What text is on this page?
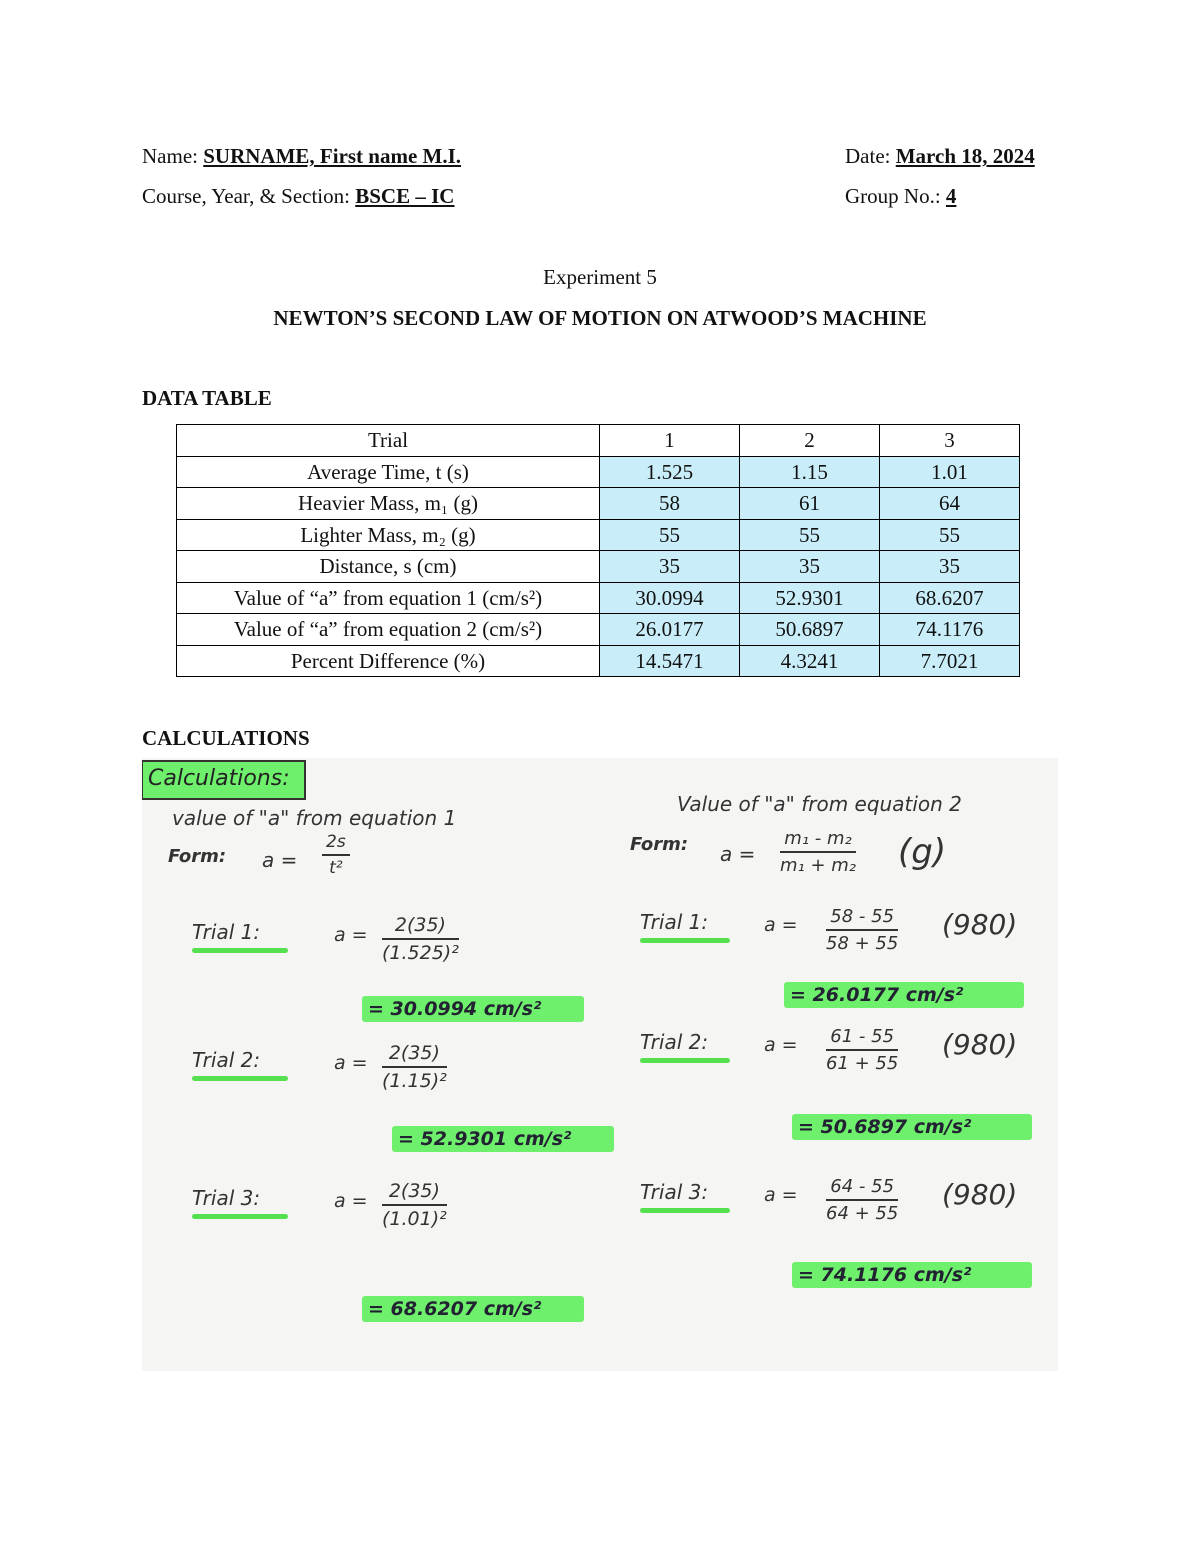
Name: SURNAME, First name M.I.	Date: March 18, 2024
Course, Year, & Section: BSCE – IC	Group No.: 4
Experiment 5
NEWTON’S SECOND LAW OF MOTION ON ATWOOD’S MACHINE
DATA TABLE
Trial	1	2	3
Average Time, t (s)	1.525	1.15	1.01
Heavier Mass, m₁ (g)	58	61	64
Lighter Mass, m₂ (g)	55	55	55
Distance, s (cm)	35	35	35
Value of “a” from equation 1 (cm/s²)	30.0994	52.9301	68.6207
Value of “a” from equation 2 (cm/s²)	26.0177	50.6897	74.1176
Percent Difference (%)	14.5471	4.3241	7.7021
CALCULATIONS
Calculations:
value of "a" from equation 1
Form: $a = \frac{2s}{\text{t²}}$
Trial 1:	$a = \frac{2(35)}{\text{(1.525)²}}$
= 30.0994 cm/s²
Trial 2:	$a = \frac{2(35)}{\text{(1.15)²}}$
= 52.9301 cm/s²
Trial 3:	$a = \frac{2(35)}{\text{(1.01)²}}$
= 68.6207 cm/s²
Value of "a" from equation 2
Form: $a = \frac{\text{m₁ - m₂}}{\text{m₁ + m₂}} (g)$
Trial 1:	$a = \frac{58 - 55}{58 + 55} (980)$
= 26.0177 cm/s²
Trial 2:	$a = \frac{61 - 55}{61 + 55} (980)$
= 50.6897 cm/s²
Trial 3:	$a = \frac{64 - 55}{64 + 55} (980)$
= 74.1176 cm/s²
